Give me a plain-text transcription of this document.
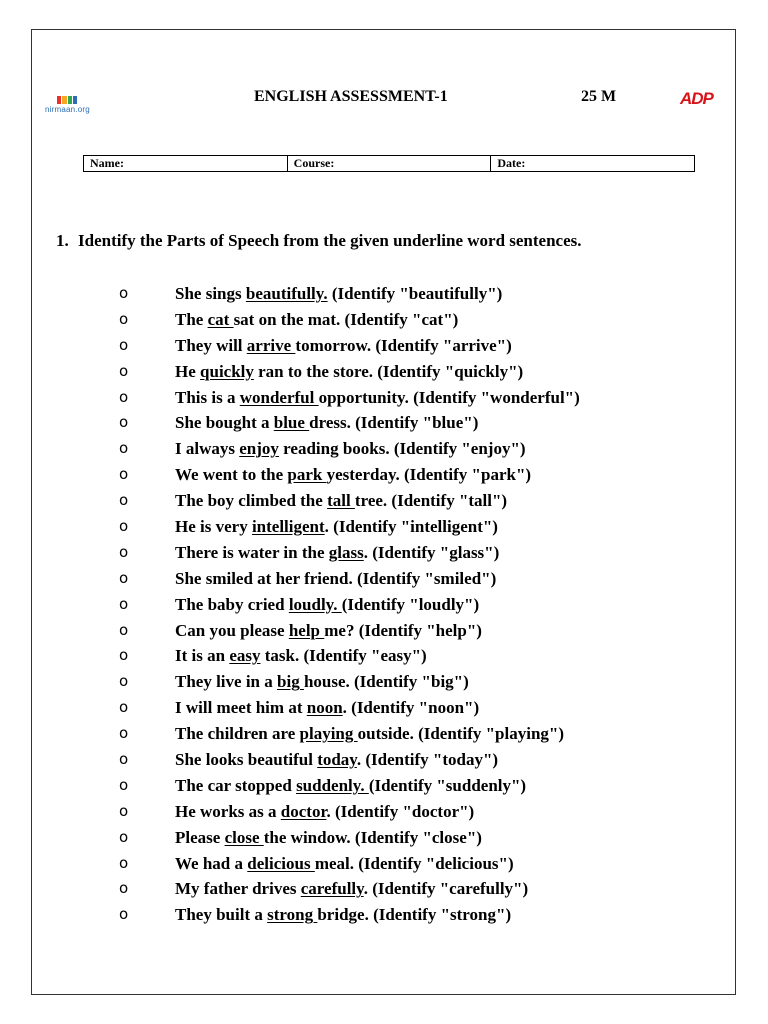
nirmaan.org
ENGLISH ASSESSMENT-1	25 M	ADP
Name:	Course:	Date:
1. Identify the Parts of Speech from the given underline word sentences.
o	She sings beautifully. (Identify "beautifully")
o	The cat sat on the mat. (Identify "cat")
o	They will arrive tomorrow. (Identify "arrive")
o	He quickly ran to the store. (Identify "quickly")
o	This is a wonderful opportunity. (Identify "wonderful")
o	She bought a blue dress. (Identify "blue")
o	I always enjoy reading books. (Identify "enjoy")
o	We went to the park yesterday. (Identify "park")
o	The boy climbed the tall tree. (Identify "tall")
o	He is very intelligent. (Identify "intelligent")
o	There is water in the glass. (Identify "glass")
o	She smiled at her friend. (Identify "smiled")
o	The baby cried loudly. (Identify "loudly")
o	Can you please help me? (Identify "help")
o	It is an easy task. (Identify "easy")
o	They live in a big house. (Identify "big")
o	I will meet him at noon. (Identify "noon")
o	The children are playing outside. (Identify "playing")
o	She looks beautiful today. (Identify "today")
o	The car stopped suddenly. (Identify "suddenly")
o	He works as a doctor. (Identify "doctor")
o	Please close the window. (Identify "close")
o	We had a delicious meal. (Identify "delicious")
o	My father drives carefully. (Identify "carefully")
o	They built a strong bridge. (Identify "strong")
